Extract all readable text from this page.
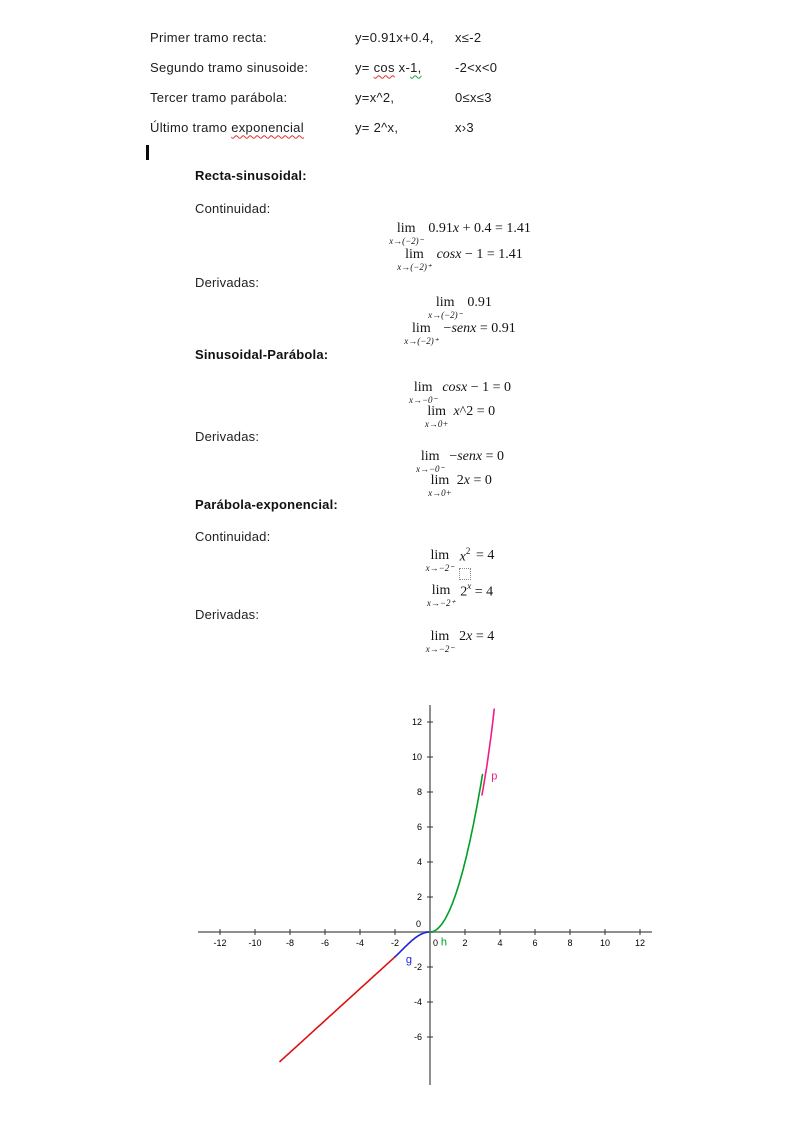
Primer tramo recta:	y=0.91x+0.4,	x≤-2
Segundo tramo sinusoide:	y= cos x-1,	-2<x<0
Tercer tramo parábola:	y=x^2,	0≤x≤3
Último tramo exponencial	y= 2^x,	x›3
Recta-sinusoidal:
Continuidad:
lim
x→(−2)⁻
0.91x + 0.4 = 1.41
lim
x→(−2)⁺
cosx − 1 = 1.41
Derivadas:
lim
x→(−2)⁻
0.91
lim
x→(−2)⁺
−senx = 0.91
Sinusoidal-Parábola:
lim
x→−0⁻
cosx − 1 = 0
lim
x→0+
x^2 = 0
Derivadas:
lim
x→−0⁻
−senx = 0
lim
x→0+
2x = 0
Parábola-exponencial:
Continuidad:
lim
x→−2⁻
$x^2 = 4$
lim
x→−2⁺
$2^x = 4$
Derivadas:
lim
x→−2⁻
2x = 4
-12 -10	-8	-6	-4	-2	2	4	6	8	10	12
-6
-4
-2
2
4
6
8
10
12
0
0
g
h
p
